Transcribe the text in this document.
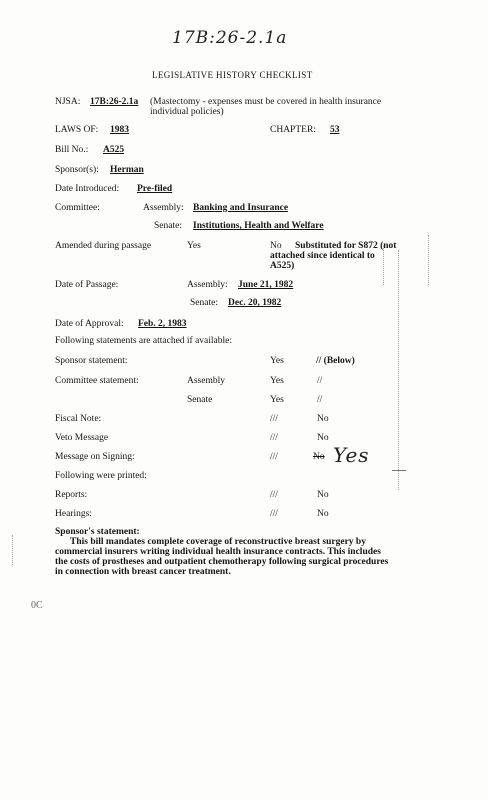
17B:26-2.1a
LEGISLATIVE HISTORY CHECKLIST
NJSA: 17B:26-2.1a (Mastectomy - expenses must be covered in health insurance individual policies)
LAWS OF: 1983	CHAPTER: 53
Bill No.: A525
Sponsor(s): Herman
Date Introduced: Pre-filed
Committee:	Assembly: Banking and Insurance
Senate: Institutions, Health and Welfare
Amended during passage	Yes	No Substituted for S872 (not
attached since identical to
A525)
Date of Passage:	Assembly: June 21, 1982
Senate: Dec. 20, 1982
Date of Approval: Feb. 2, 1983
Following statements are attached if available:
Sponsor statement:	Yes	// (Below)
Committee statement:	Assembly	Yes	//
Senate	Yes	//
Fiscal Note:	///	No
Veto Message	///	No
Message on Signing:	///	No Yes
Following were printed:
Reports:	///	No
Hearings:	///	No
Sponsor's statement:
This bill mandates complete coverage of reconstructive breast surgery by
commercial insurers writing individual health insurance contracts. This includes
the costs of prostheses and outpatient chemotherapy following surgical procedures
in connection with breast cancer treatment.
0C
